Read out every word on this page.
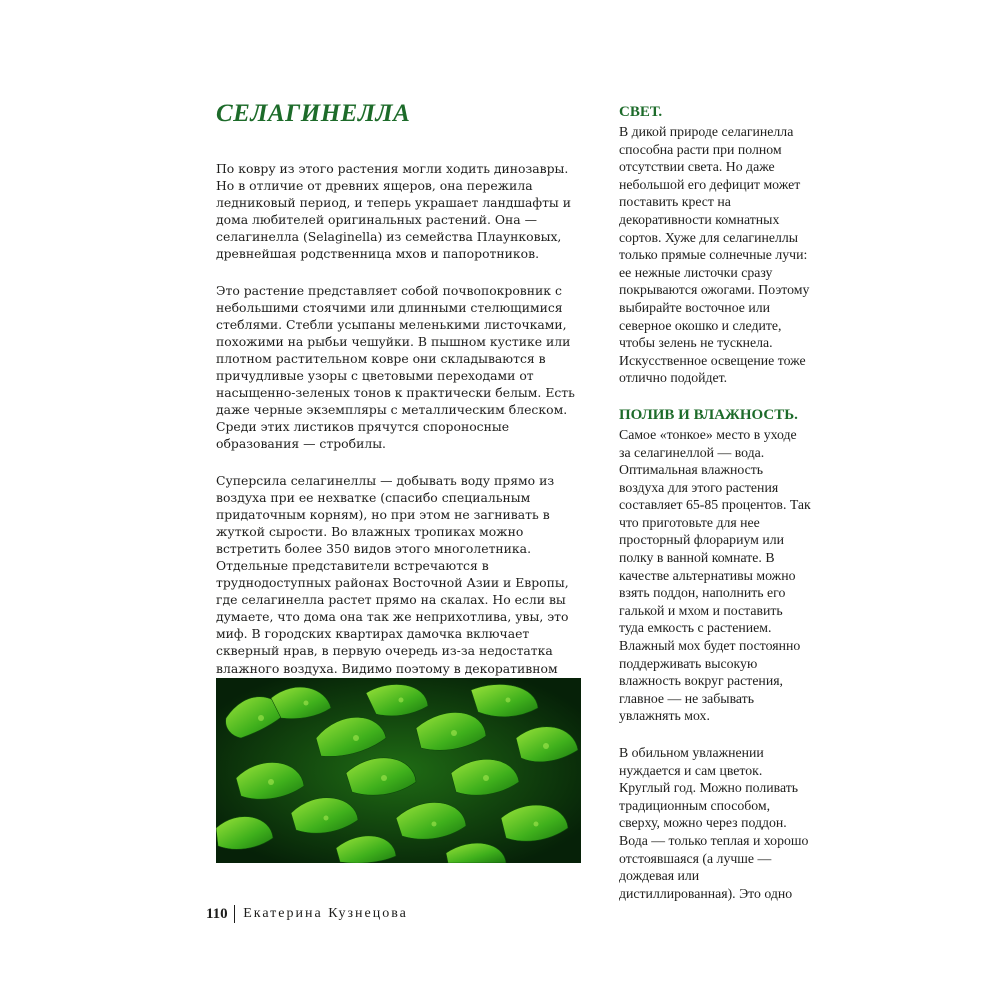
СЕЛАГИНЕЛЛА

По ковру из этого растения могли ходить динозавры. Но в отличие от древних ящеров, она пережила ледниковый период, и теперь украшает ландшафты и дома любителей оригинальных растений. Она — селагинелла (Selaginella) из семейства Плаунковых, древнейшая родственница мхов и папоротников.

Это растение представляет собой почвопокровник с небольшими стоячими или длинными стелющимися стеблями. Стебли усыпаны меленькими листочками, похожими на рыбьи чешуйки. В пышном кустике или плотном растительном ковре они складываются в причудливые узоры с цветовыми переходами от насыщенно-зеленых тонов к практически белым. Есть даже черные экземпляры с металлическим блеском. Среди этих листиков прячутся спороносные образования — стробилы.

Суперсила селагинеллы — добывать воду прямо из воздуха при ее нехватке (спасибо специальным придаточным корням), но при этом не загнивать в жуткой сырости. Во влажных тропиках можно встретить более 350 видов этого многолетника. Отдельные представители встречаются в труднодоступных районах Восточной Азии и Европы, где селагинелла растет прямо на скалах. Но если вы думаете, что дома она так же неприхотлива, увы, это миф. В городских квартирах дамочка включает скверный нрав, в первую очередь из-за недостатка влажного воздуха. Видимо поэтому в декоративном

СВЕТ.

В дикой природе селагинелла способна расти при полном отсутствии света. Но даже небольшой его дефицит может поставить крест на декоративности комнатных сортов. Хуже для селагинеллы только прямые солнечные лучи: ее нежные листочки сразу покрываются ожогами. Поэтому выбирайте восточное или северное окошко и следите, чтобы зелень не тускнела. Искусственное освещение тоже отлично подойдет.

ПОЛИВ И ВЛАЖНОСТЬ.

Самое «тонкое» место в уходе за селагинеллой — вода. Оптимальная влажность воздуха для этого растения составляет 65-85 процентов. Так что приготовьте для нее просторный флорариум или полку в ванной комнате. В качестве альтернативы можно взять поддон, наполнить его галькой и мхом и поставить туда емкость с растением. Влажный мох будет постоянно поддерживать высокую влажность вокруг растения, главное — не забывать увлажнять мох.

В обильном увлажнении нуждается и сам цветок. Круглый год. Можно поливать традиционным способом, сверху, можно через поддон. Вода — только теплая и хорошо отстоявшаяся (а лучше — дождевая или дистиллированная). Это одно

110 Екатерина Кузнецова
